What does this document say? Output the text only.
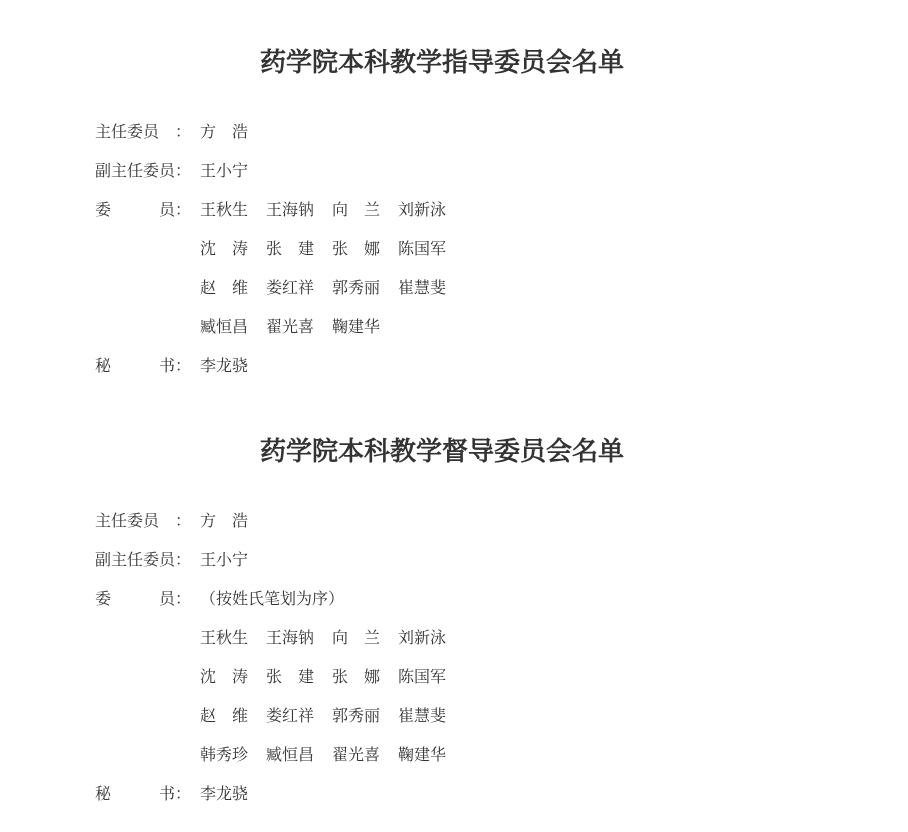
药学院本科教学指导委员会名单
主任委员　： 方　浩
副主任委员： 王小宁
委　　　员： 王秋生 王海钠 向　兰 刘新泳
沈　涛 张　建 张　娜 陈国军
赵　维 娄红祥 郭秀丽 崔慧斐
臧恒昌 翟光喜 鞠建华
秘　　　书： 李龙骁
药学院本科教学督导委员会名单
主任委员　： 方　浩
副主任委员： 王小宁
委　　　员： （按姓氏笔划为序）
王秋生 王海钠 向　兰 刘新泳
沈　涛 张　建 张　娜 陈国军
赵　维 娄红祥 郭秀丽 崔慧斐
韩秀珍 臧恒昌 翟光喜 鞠建华
秘　　　书： 李龙骁
